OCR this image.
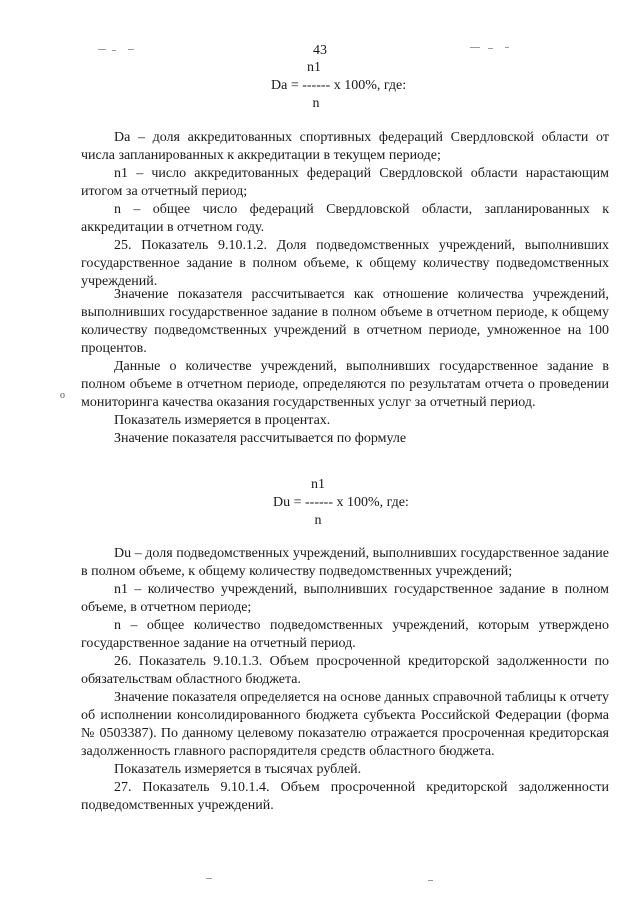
43
n1
Da = ------ x 100%, где:
n

Da – доля аккредитованных спортивных федераций Свердловской области от числа запланированных к аккредитации в текущем периоде;

n1 – число аккредитованных федераций Свердловской области нарастающим итогом за отчетный период;

n – общее число федераций Свердловской области, запланированных к аккредитации в отчетном году.

25. Показатель 9.10.1.2. Доля подведомственных учреждений, выполнивших государственное задание в полном объеме, к общему количеству подведомственных учреждений.

o

Значение показателя рассчитывается как отношение количества учреждений, выполнивших государственное задание в полном объеме в отчетном периоде, к общему количеству подведомственных учреждений в отчетном периоде, умноженное на 100 процентов.

Данные о количестве учреждений, выполнивших государственное задание в полном объеме в отчетном периоде, определяются по результатам отчета о проведении мониторинга качества оказания государственных услуг за отчетный период.

Показатель измеряется в процентах.

Значение показателя рассчитывается по формуле

n1
Du = ------ x 100%, где:
n

Du – доля подведомственных учреждений, выполнивших государственное задание в полном объеме, к общему количеству подведомственных учреждений;

n1 – количество учреждений, выполнивших государственное задание в полном объеме, в отчетном периоде;

n – общее количество подведомственных учреждений, которым утверждено государственное задание на отчетный период.

26. Показатель 9.10.1.3. Объем просроченной кредиторской задолженности по обязательствам областного бюджета.

Значение показателя определяется на основе данных справочной таблицы к отчету об исполнении консолидированного бюджета субъекта Российской Федерации (форма № 0503387). По данному целевому показателю отражается просроченная кредиторская задолженность главного распорядителя средств областного бюджета.

Показатель измеряется в тысячах рублей.

27. Показатель 9.10.1.4. Объем просроченной кредиторской задолженности подведомственных учреждений.
